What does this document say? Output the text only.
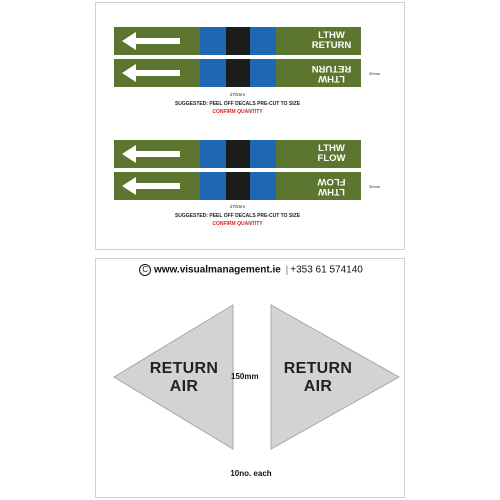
LTHW
RETURN
LTHW
RETURN	30mm
270mm
SUGGESTED: PEEL OFF DECALS PRE-CUT TO SIZE
CONFIRM QUANTITY
LTHW
FLOW
LTHW
FLOW	30mm
270mm
SUGGESTED: PEEL OFF DECALS PRE-CUT TO SIZE
CONFIRM QUANTITY
C www.visualmanagement.ie | +353 61 574140
RETURN
AIR
RETURN
AIR
150mm
10no. each
